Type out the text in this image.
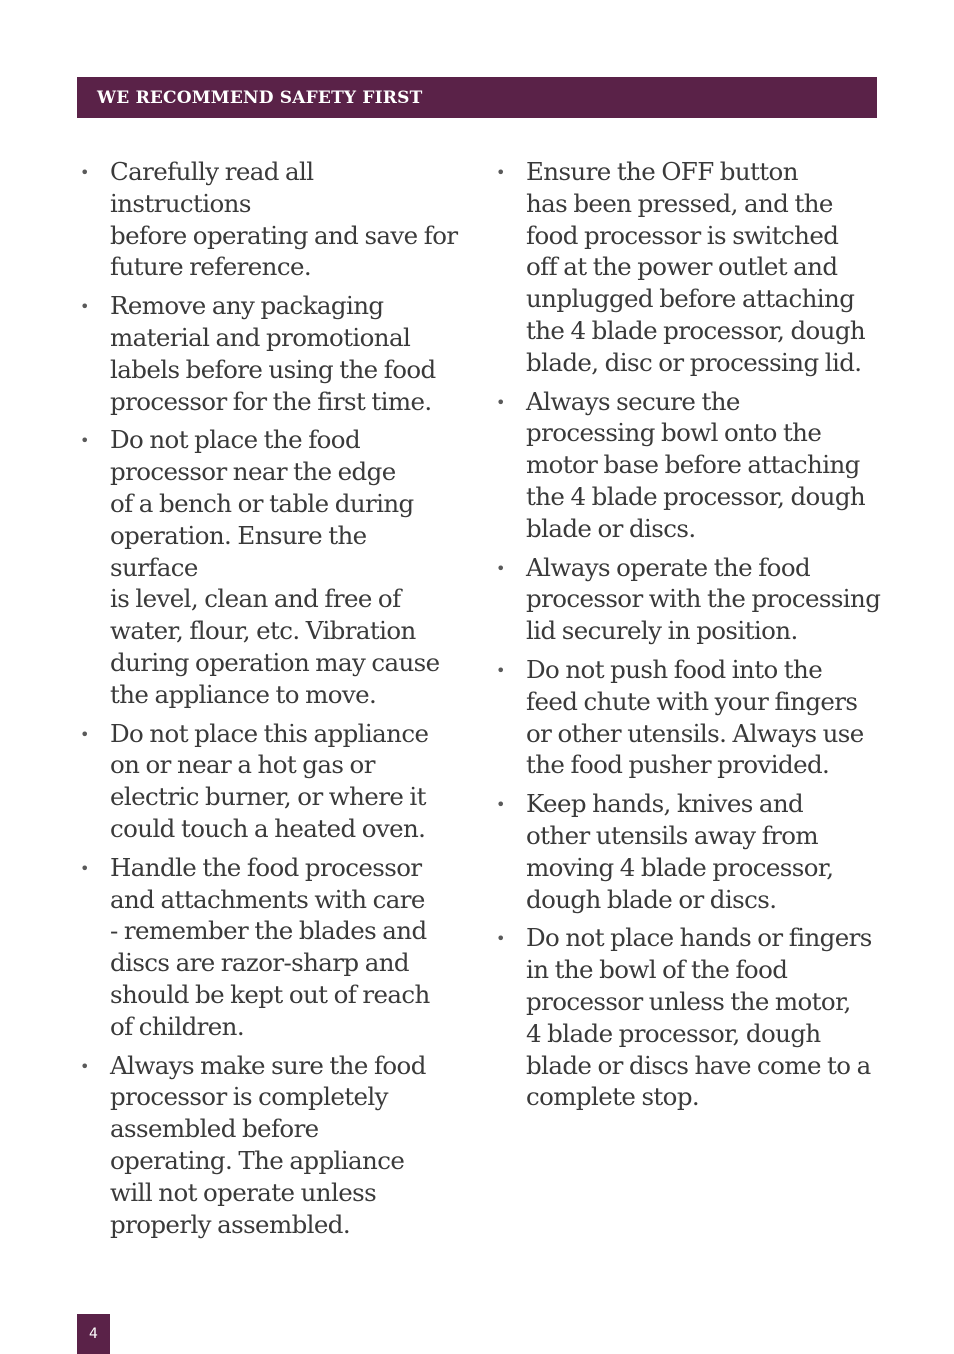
WE RECOMMEND SAFETY FIRST
• Carefully read all instructions
before operating and save for
future reference.
• Remove any packaging
material and promotional
labels before using the food
processor for the first time.
• Do not place the food
processor near the edge
of a bench or table during
operation. Ensure the surface
is level, clean and free of
water, flour, etc. Vibration
during operation may cause
the appliance to move.
• Do not place this appliance
on or near a hot gas or
electric burner, or where it
could touch a heated oven.
• Handle the food processor
and attachments with care
- remember the blades and
discs are razor-sharp and
should be kept out of reach
of children.
• Always make sure the food
processor is completely
assembled before
operating. The appliance
will not operate unless
properly assembled.
• Ensure the OFF button
has been pressed, and the
food processor is switched
off at the power outlet and
unplugged before attaching
the 4 blade processor, dough
blade, disc or processing lid.
• Always secure the
processing bowl onto the
motor base before attaching
the 4 blade processor, dough
blade or discs.
• Always operate the food
processor with the processing
lid securely in position.
• Do not push food into the
feed chute with your fingers
or other utensils. Always use
the food pusher provided.
• Keep hands, knives and
other utensils away from
moving 4 blade processor,
dough blade or discs.
• Do not place hands or fingers
in the bowl of the food
processor unless the motor,
4 blade processor, dough
blade or discs have come to a
complete stop.
4
